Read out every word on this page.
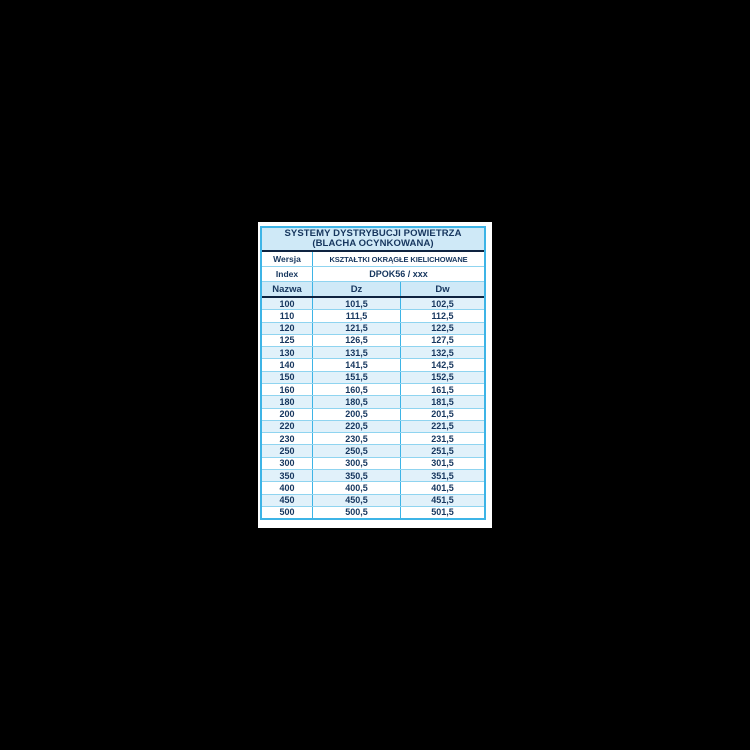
SYSTEMY DYSTRYBUCJI POWIETRZA
(BLACHA OCYNKOWANA)
Wersja	KSZTAŁTKI OKRĄGŁE KIELICHOWANE
Index	DPOK56 / xxx
Nazwa	Dz	Dw
100	101,5	102,5
110	111,5	112,5
120	121,5	122,5
125	126,5	127,5
130	131,5	132,5
140	141,5	142,5
150	151,5	152,5
160	160,5	161,5
180	180,5	181,5
200	200,5	201,5
220	220,5	221,5
230	230,5	231,5
250	250,5	251,5
300	300,5	301,5
350	350,5	351,5
400	400,5	401,5
450	450,5	451,5
500	500,5	501,5
